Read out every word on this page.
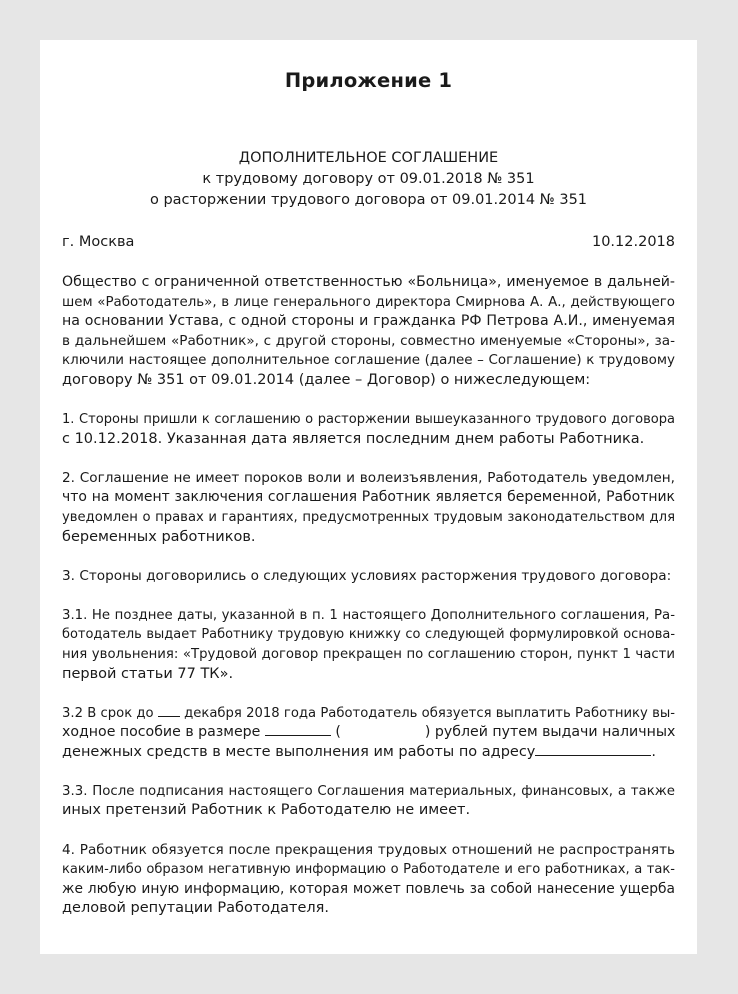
Приложение 1
ДОПОЛНИТЕЛЬНОЕ СОГЛАШЕНИЕ
к трудовому договору от 09.01.2018 № 351
о расторжении трудового договора от 09.01.2014 № 351
г. Москва	10.12.2018
Общество с ограниченной ответственностью «Больница», именуемое в дальней-
шем «Работодатель», в лице генерального директора Смирнова А. А., действующего
на основании Устава, с одной стороны и гражданка РФ Петрова А.И., именуемая
в дальнейшем «Работник», с другой стороны, совместно именуемые «Стороны», за-
ключили настоящее дополнительное соглашение (далее – Соглашение) к трудовому
договору № 351 от 09.01.2014 (далее – Договор) о нижеследующем:
1. Стороны пришли к соглашению о расторжении вышеуказанного трудового договора
с 10.12.2018. Указанная дата является последним днем работы Работника.
2. Соглашение не имеет пороков воли и волеизъявления, Работодатель уведомлен,
что на момент заключения соглашения Работник является беременной, Работник
уведомлен о правах и гарантиях, предусмотренных трудовым законодательством для
беременных работников.
3. Стороны договорились о следующих условиях расторжения трудового договора:
3.1. Не позднее даты, указанной в п. 1 настоящего Дополнительного соглашения, Ра-
ботодатель выдает Работнику трудовую книжку со следующей формулировкой основа-
ния увольнения: «Трудовой договор прекращен по соглашению сторон, пункт 1 части
первой статьи 77 ТК».
3.2 В срок до декабря 2018 года Работодатель обязуется выплатить Работнику вы-
ходное пособие в размере	(	) рублей путем выдачи наличных
денежных средств в месте выполнения им работы по адресу	.
3.3. После подписания настоящего Соглашения материальных, финансовых, а также
иных претензий Работник к Работодателю не имеет.
4. Работник обязуется после прекращения трудовых отношений не распространять
каким-либо образом негативную информацию о Работодателе и его работниках, а так-
же любую иную информацию, которая может повлечь за собой нанесение ущерба
деловой репутации Работодателя.
